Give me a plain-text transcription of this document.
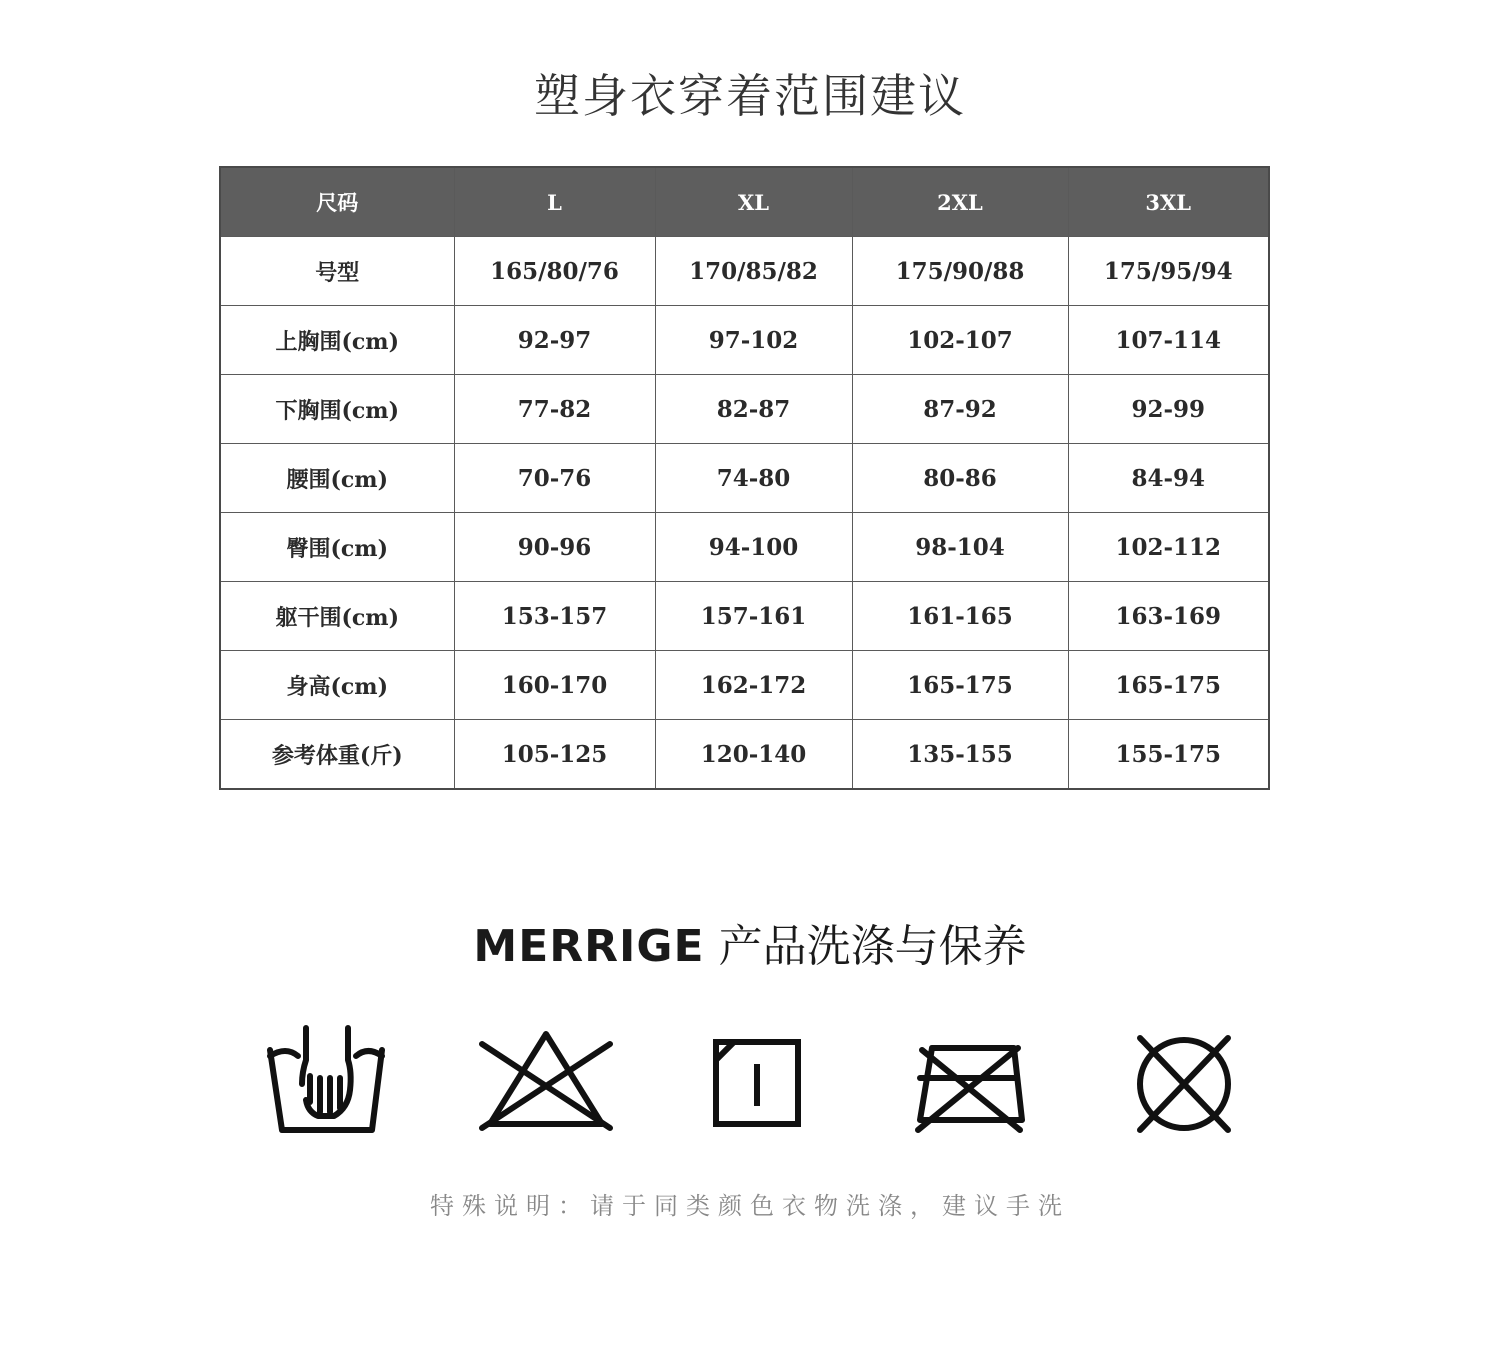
塑身衣穿着范围建议
尺码	L	XL	2XL	3XL
号型	165/80/76	170/85/82	175/90/88	175/95/94
上胸围(cm)	92-97	97-102	102-107	107-114
下胸围(cm)	77-82	82-87	87-92	92-99
腰围(cm)	70-76	74-80	80-86	84-94
臀围(cm)	90-96	94-100	98-104	102-112
躯干围(cm)	153-157	157-161	161-165	163-169
身高(cm)	160-170	162-172	165-175	165-175
参考体重(斤)	105-125	120-140	135-155	155-175
MERRIGE 产品洗涤与保养
特殊说明：请于同类颜色衣物洗涤，建议手洗
